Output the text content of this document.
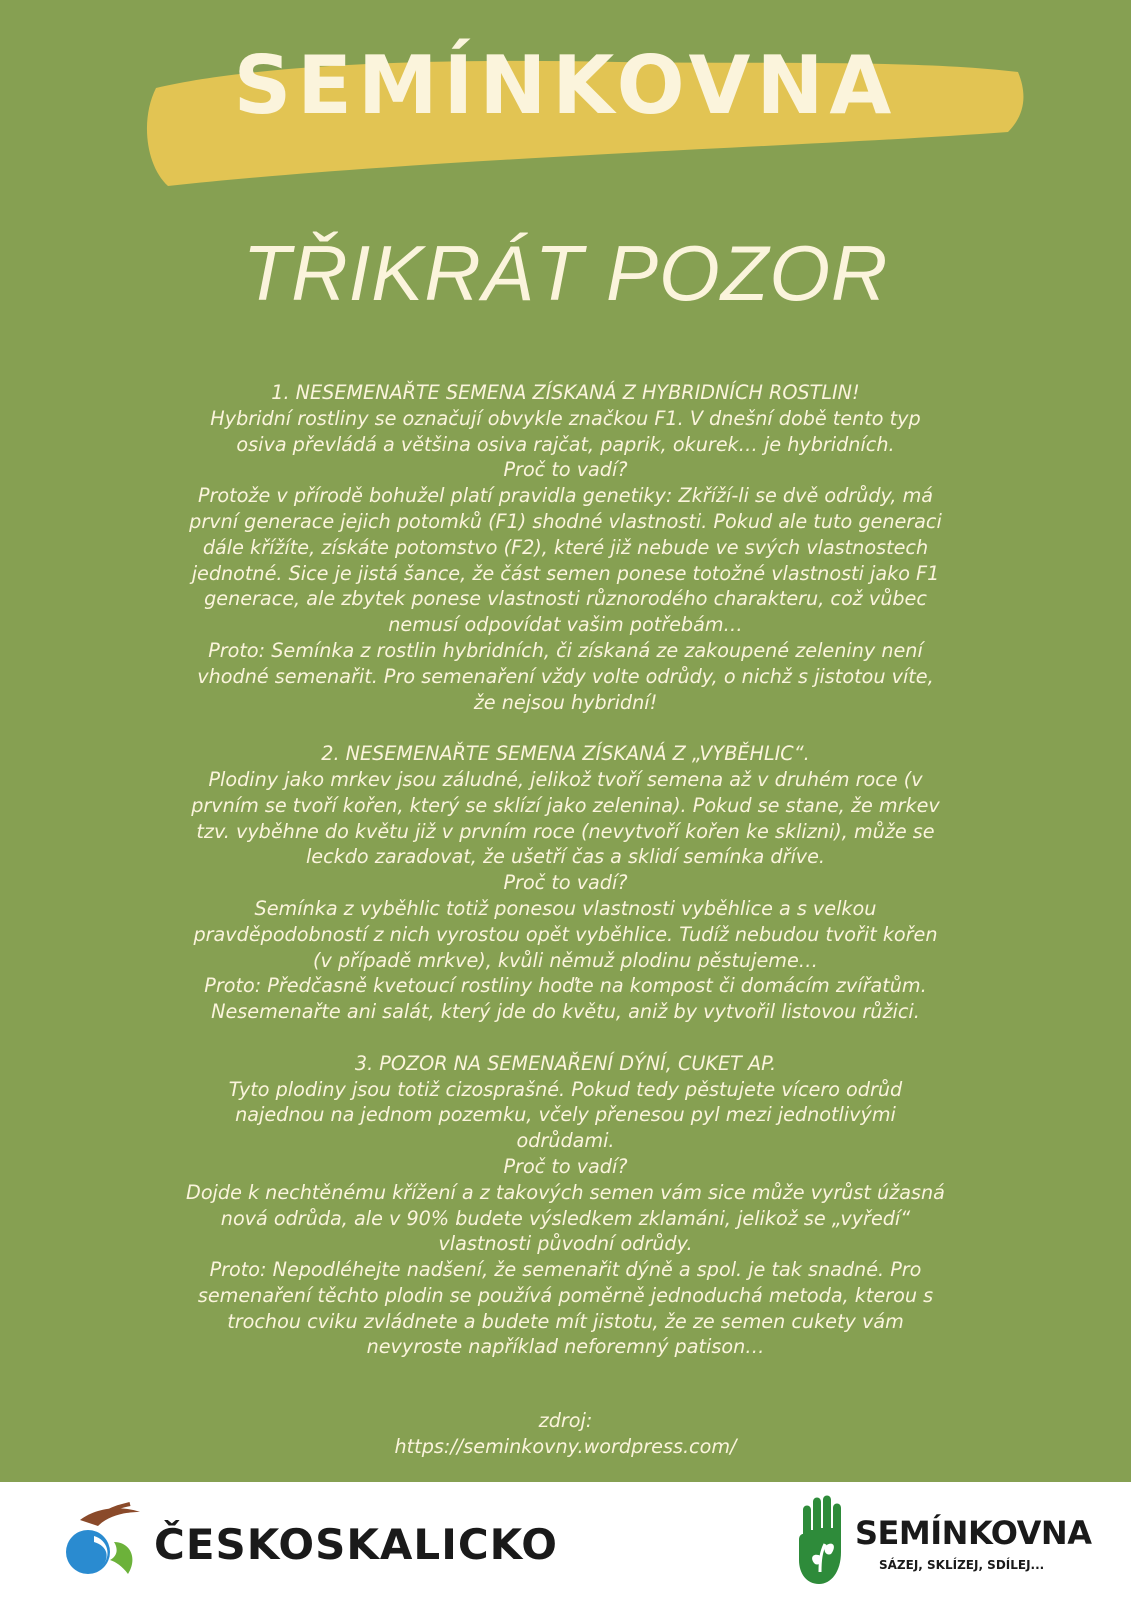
SEMÍNKOVNA
TŘIKRÁT POZOR
1. NESEMENAŘTE SEMENA ZÍSKANÁ Z HYBRIDNÍCH ROSTLIN!
Hybridní rostliny se označují obvykle značkou F1. V dnešní době tento typ
osiva převládá a většina osiva rajčat, paprik, okurek… je hybridních.
Proč to vadí?
Protože v přírodě bohužel platí pravidla genetiky: Zkříží-li se dvě odrůdy, má
první generace jejich potomků (F1) shodné vlastnosti. Pokud ale tuto generaci
dále křížíte, získáte potomstvo (F2), které již nebude ve svých vlastnostech
jednotné. Sice je jistá šance, že část semen ponese totožné vlastnosti jako F1
generace, ale zbytek ponese vlastnosti různorodého charakteru, což vůbec
nemusí odpovídat vašim potřebám…
Proto: Semínka z rostlin hybridních, či získaná ze zakoupené zeleniny není
vhodné semenařit. Pro semenaření vždy volte odrůdy, o nichž s jistotou víte,
že nejsou hybridní!
2. NESEMENAŘTE SEMENA ZÍSKANÁ Z „VYBĚHLIC“.
Plodiny jako mrkev jsou záludné, jelikož tvoří semena až v druhém roce (v
prvním se tvoří kořen, který se sklízí jako zelenina). Pokud se stane, že mrkev
tzv. vyběhne do květu již v prvním roce (nevytvoří kořen ke sklizni), může se
leckdo zaradovat, že ušetří čas a sklidí semínka dříve.
Proč to vadí?
Semínka z vyběhlic totiž ponesou vlastnosti vyběhlice a s velkou
pravděpodobností z nich vyrostou opět vyběhlice. Tudíž nebudou tvořit kořen
(v případě mrkve), kvůli němuž plodinu pěstujeme…
Proto: Předčasně kvetoucí rostliny hoďte na kompost či domácím zvířatům.
Nesemenařte ani salát, který jde do květu, aniž by vytvořil listovou růžici.
3. POZOR NA SEMENAŘENÍ DÝNÍ, CUKET AP.
Tyto plodiny jsou totiž cizosprašné. Pokud tedy pěstujete vícero odrůd
najednou na jednom pozemku, včely přenesou pyl mezi jednotlivými
odrůdami.
Proč to vadí?
Dojde k nechtěnému křížení a z takových semen vám sice může vyrůst úžasná
nová odrůda, ale v 90% budete výsledkem zklamáni, jelikož se „vyředí“
vlastnosti původní odrůdy.
Proto: Nepodléhejte nadšení, že semenařit dýně a spol. je tak snadné. Pro
semenaření těchto plodin se používá poměrně jednoduchá metoda, kterou s
trochou cviku zvládnete a budete mít jistotu, že ze semen cukety vám
nevyroste například neforemný patison…
zdroj:
https://seminkovny.wordpress.com/
ČESKOSKALICKO	SEMÍNKOVNA
SÁZEJ, SKLÍZEJ, SDÍLEJ...
